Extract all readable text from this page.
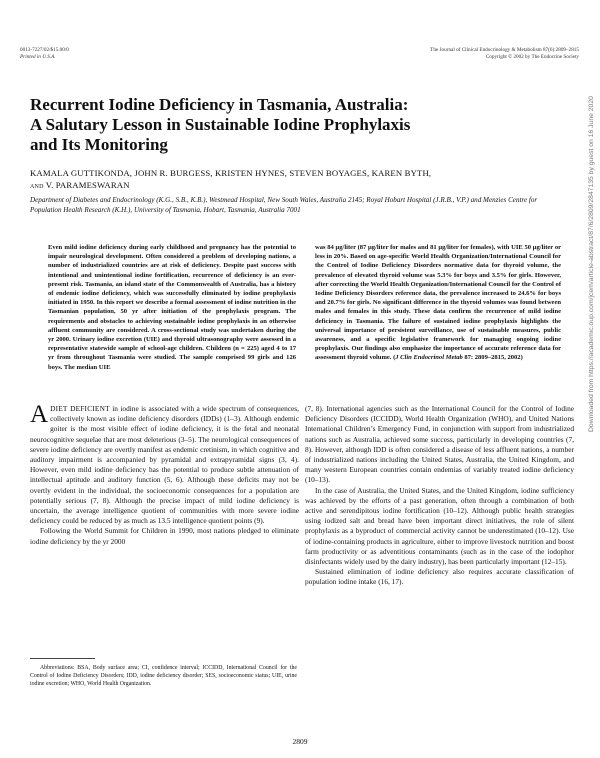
0013-7227/02/$15.00/0
Printed in U.S.A.
The Journal of Clinical Endocrinology & Metabolism 87(6):2809–2815
Copyright © 2002 by The Endocrine Society
Recurrent Iodine Deficiency in Tasmania, Australia:
A Salutary Lesson in Sustainable Iodine Prophylaxis
and Its Monitoring
KAMALA GUTTIKONDA, JOHN R. BURGESS, KRISTEN HYNES, STEVEN BOYAGES, KAREN BYTH,
and V. PARAMESWARAN
Department of Diabetes and Endocrinology (K.G., S.B., K.B.), Westmead Hospital, New South Wales, Australia 2145; Royal Hobart Hospital (J.R.B., V.P.) and Menzies Centre for Population Health Research (K.H.), University of Tasmania, Hobart, Tasmania, Australia 7001
Even mild iodine deficiency during early childhood and pregnancy has the potential to impair neurological development. Often considered a problem of developing nations, a number of industrialized countries are at risk of deficiency. Despite past success with intentional and unintentional iodine fortification, recurrence of deficiency is an ever-present risk. Tasmania, an island state of the Commonwealth of Australia, has a history of endemic iodine deficiency, which was successfully eliminated by iodine prophylaxis initiated in 1950. In this report we describe a formal assessment of iodine nutrition in the Tasmanian population, 50 yr after initiation of the prophylaxis program. The requirements and obstacles to achieving sustainable iodine prophylaxis in an otherwise affluent community are considered. A cross-sectional study was undertaken during the yr 2000. Urinary iodine excretion (UIE) and thyroid ultrasonography were assessed in a representative statewide sample of school-age children. Children (n = 225) aged 4 to 17 yr from throughout Tasmania were studied. The sample comprised 99 girls and 126 boys. The median UIE
was 84 μg/liter (87 μg/liter for males and 81 μg/liter for females), with UIE 50 μg/liter or less in 20%. Based on age-specific World Health Organization/International Council for the Control of Iodine Deficiency Disorders normative data for thyroid volume, the prevalence of elevated thyroid volume was 5.3% for boys and 3.5% for girls. However, after correcting the World Health Organization/International Council for the Control of Iodine Deficiency Disorders reference data, the prevalence increased to 24.6% for boys and 20.7% for girls. No significant difference in the thyroid volumes was found between males and females in this study. These data confirm the recurrence of mild iodine deficiency in Tasmania. The failure of sustained iodine prophylaxis highlights the universal importance of persistent surveillance, use of sustainable measures, public awareness, and a specific legislative framework for managing ongoing iodine prophylaxis. Our findings also emphasize the importance of accurate reference data for assessment thyroid volume. (J Clin Endocrinol Metab 87: 2809–2815, 2002)

ADIET DEFICIENT in iodine is associated with a wide spectrum of consequences, collectively known as iodine deficiency disorders (IDDs) (1–3). Although endemic goiter is the most visible effect of iodine deficiency, it is the fetal and neonatal neurocognitive sequelae that are most deleterious (3–5). The neurological consequences of severe iodine deficiency are overtly manifest as endemic cretinism, in which cognitive and auditory impairment is accompanied by pyramidal and extrapyramidal signs (3, 4). However, even mild iodine deficiency has the potential to produce subtle attenuation of intellectual aptitude and auditory function (5, 6). Although these deficits may not be overtly evident in the individual, the socioeconomic consequences for a population are potentially serious (7, 8). Although the precise impact of mild iodine deficiency is uncertain, the average intelligence quotient of communities with more severe iodine deficiency could be reduced by as much as 13.5 intelligence quotient points (9).

Following the World Summit for Children in 1990, most nations pledged to eliminate iodine deficiency by the yr 2000

(7, 8). International agencies such as the International Council for the Control of Iodine Deficiency Disorders (ICCIDD), World Health Organization (WHO), and United Nations International Children’s Emergency Fund, in conjunction with support from industrialized nations such as Australia, achieved some success, particularly in developing countries (7, 8). However, although IDD is often considered a disease of less affluent nations, a number of industrialized nations including the United States, Australia, the United Kingdom, and many western European countries contain endemias of variably treated iodine deficiency (10–13).

In the case of Australia, the United States, and the United Kingdom, iodine sufficiency was achieved by the efforts of a past generation, often through a combination of both active and serendipitous iodine fortification (10–12). Although public health strategies using iodized salt and bread have been important direct initiatives, the role of silent prophylaxis as a byproduct of commercial activity cannot be underestimated (10–12). Use of iodine-containing products in agriculture, either to improve livestock nutrition and boost farm productivity or as adventitious contaminants (such as in the case of the iodophor disinfectants widely used by the dairy industry), has been particularly important (12–15).

Sustained elimination of iodine deficiency also requires accurate classification of population iodine intake (16, 17).

Abbreviations: BSA, Body surface area; CI, confidence interval; ICCIDD, International Council for the Control of Iodine Deficiency Disorders; IDD, iodine deficiency disorder; SES, socioeconomic status; UIE, urine iodine excretion; WHO, World Health Organization.
2809
Downloaded from https://academic.oup.com/jcem/article-abstract/87/6/2809/2847135 by guest on 16 June 2020
